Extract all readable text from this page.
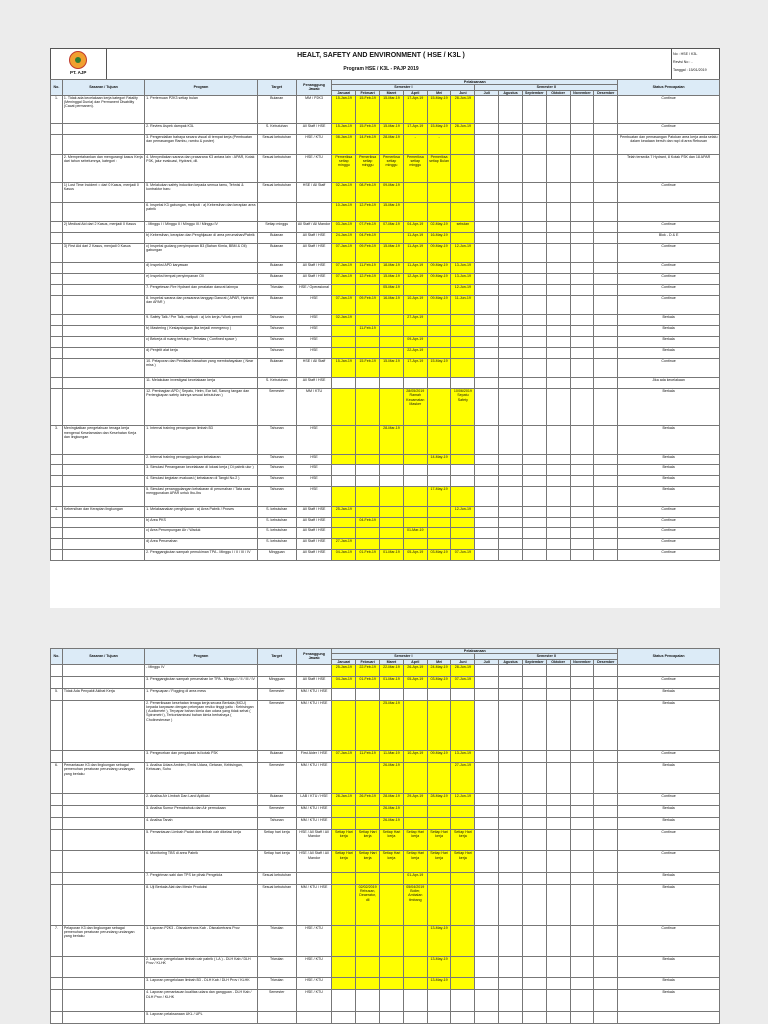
PT. AJP
HEALT, SAFETY AND ENVIRONMENT ( HSE / K3L )
Program HSE / K3L - PAJP 2019
No : HSE / K3L
Revisi No : -
Tanggal : 15/01/2019
No.	Sasaran / Tujuan	Program	Target	Penanggung Jawab	Pelaksanaan												Status Pencapaian
					Semester I						Semester II						
					Januari	Februari	Maret	April	Mei	Juni	Juli	Agustus	September	Oktober	November	Desember	
1.	1. Tidak ada kecelakaan kerja kategori Fatality (Meninggal Dunia) dan Permanent Disability (Cacat permanen).	1. Pertemuan P2K3 setiap bulan	Bulanan	MM / P2K3	15-Jan-19	15-Feb-19	15-Mar-19	17-Apr-19	15-May-19	28-Jun-19							Continue
		2. Review Aspek dampak K3L	S. Kebutuhan	All Staff / HSE	15-Jan-19	15-Feb-19	15-Mar-19	17-Apr-19	15-May-19	28-Jun-19							Continue
		3. Pengendalian bahaya secara visual di tempat kerja (Pembuatan dan pemasangan Rambu, rambu & poster)	Sesuai kebutuhan	HSE / KTU	08-Jan-19	14-Feb-19	28-Mar-19	-	-								Pembuatan dan pemasangan Patokan area kerja anda selalu dalam keadaan bersih dan rapi di area Rebusan
	2. Mempertahankan dan mengurangi kasus Kerja dari tahun sebelumnya, kategori :	4. Menyediakan sarana dan prasarana K3 antara lain : APAR, Kotak P3K, jalur evakuasi, Hydrant, dll.	Sesuai kebutuhan	HSE / KTU	Pemeriksa setiap minggu	Pemeriksa setiap minggu	Pemeriksa setiap minggu	Pemeriksa setiap minggu	Pemeriksa setiap Bulan								Telah tersedia 7 Hydrant, 8 Kotak P3K dan 18 APAR
	1) Lost Time Incident = dari 0 Kasus, menjadi 0 Kasus	5. Melakukan safety induction kepada semua tamu, Tehnisi & kontraktor baru	Sesuai kebutuhan	HSE / All Staff	02-Jan-19	08-Feb-19	09-Mar-19										Continue
		6. Inspeksi K3 gabungan, meliputi : a) Kebersihan dan kerapian area pabrik			10-Jan-19	12-Feb-19	15-Mar-19										
	2) Medical Aid dari 2 Kasus, menjadi 0 Kasus	- Minggu I / Minggu II / Minggu III / Minggu IV	Setiap minggu	All Staff / All Mandor	03-Jan-19	07-Feb-19	07-Mar-19	04-Apr-19	02-May-19	sebulan							Continue
		b) Kebersihan, kerapian dan Penghijauan di area perumahan/Pabrik	Bulanan	All Staff / HSE	24-Jan-19	04-Feb-19		11-Apr-19	16-May-19								Blok - D & E
	3) First Aid dari 2 Kasus, menjadi 0 Kasus	c) Inspeksi gudang penyimpanan B3 (Bahan Kimia, BBM & Oli) gabungan	Bulanan	All Staff / HSE	07-Jan-19	09-Feb-19	15-Mar-19	11-Apr-19	09-May-19	12-Jun-19							Continue
		d) Inspeksi APD karyawan	Bulanan	All Staff / HSE	07-Jan-19	11-Feb-19	18-Mar-19	11-Apr-19	09-May-19	13-Jun-19							Continue
		e) Inspeksi tempat penyimpanan Oli	Bulanan	All Staff / HSE	07-Jan-19	12-Feb-19	15-Mar-19	12-Apr-19	09-May-19	13-Jun-19							Continue
		7. Pengetesan Fire Hydrant dan peralatan darurat lainnya	Triwulan	HSE / Operasional			05-Mar-19			12-Jun-19							Continue
		8. Inspeksi sarana dan prasarana tanggap Darurat ( APAR, Hydrant dan APAR )	Bulanan	HSE	07-Jan-19	09-Feb-19	16-Mar-19	10-Apr-19	09-May-19	11-Jun-19							Continue
		9. Safety Talk / Pre Talk, meliputi : a) Izin kerja / Work permit	Tahunan	HSE	02-Jan-19			27-Apr-19									Berkala
		b) Mastering ( Kesiapsiagaan jika terjadi emergency )	Tahunan	HSE		11-Feb-19											Berkala
		c) Bekerja di ruang tertutup / Terbatas ( Confined space )	Tahunan	HSE				09-Apr-19									Berkala
		d) Penjelit alat kerja	Tahunan	HSE				22-Apr-19									Berkala
		10. Pelaporan dan Penilaian bawahan yang membahayakan ( Near miss )	Bulanan	HSE / All Staff	15-Jan-19	15-Feb-19	15-Mar-19	17-Apr-19	15-May-19								Continue
		11. Melakukan investigasi kecelakaan kerja	S. Kebutuhan	All Staff / HSE													Jika ada kecelakaan
		12. Pembagian APD ( Sepatu, Helm, Ear fall, Sarung tangan dan Perlengkapan safety lainnya sesuai kebutuhan )	Semester	MM / KTU				28/05/2019 Ramah Kecamatan Masker		10/06/2019 Sepatu Safety							Berkala
3.	Meningkatkan pengetahuan tenaga kerja mengenai Keselamatan dan Kesehatan Kerja dan lingkungan	1. Internal training penanganan limbah B3	Tahunan	HSE			28-Mar-19										Berkala
		2. Internal training penanggulangan kebakaran	Tahunan	HSE					14-May-19								Berkala
		3. Simulasi Penanganan kecelakaan di lokasi kerja ( Di pabrik ulur )	Tahunan	HSE													Berkala
		4. Simulasi kegiatan evakuasi ( kebakaran di Tangki No.2 )	Tahunan	HSE													Berkala
		5. Simulasi penanggulangan kebakaran di perumahan / Tata cara menggunakan APAR untuk Ibu-Ibu	Tahunan	HSE					17-May-19								Berkala
4.	Kebersihan dan Kerapian lingkungan	1. Melaksanakan penghijauan : a) Area Pabrik / Proses	S. kebutuhan	All Staff / HSE	25-Jan-19					12-Jun-19							Continue
		b) Area PKS	S. kebutuhan	All Staff / HSE		04-Feb-19											Continue
		c) Area Perumpungan Air / Waduk	S. kebutuhan	All Staff / HSE				01-Mar-19									Continue
		d) Area Perumahan	S. kebutuhan	All Staff / HSE	27-Jan-19												Continue
		2. Penggangkutan sampah pemukiman TPA - Minggu I / II / III / IV	Mingguan	All Staff / HSE	04-Jan-19	01-Feb-19	01-Mar-19	05-Apr-19	03-May-19	07-Jun-19							Continue
No.	Sasaran / Tujuan	Program	Target	Penanggung Jawab	Pelaksanaan												Status Pencapaian
					Semester I						Semester II						
					Januari	Februari	Maret	April	Mei	Juni	Juli	Agustus	September	Oktober	November	Desember	
		- Minggu IV			25-Jan-19	22-Feb-19	22-Mar-19	26-Apr-19	24-May-19	28-Jun-19							
		3. Penggangkutan sampah perumahan ke TPA - Minggu I / II / III / IV	Mingguan	All Staff / HSE	04-Jan-19	01-Feb-19	01-Mar-19	05-Apr-19	03-May-19	07-Jun-19							Continue
5.	Tidak Ada Penyakit Akibat Kerja	1. Penyuapan / Fogging di area mess	Semester	MM / KTU / HSE													Berkala
		2. Pemeriksaan kesehatan tenaga kerja secara Berkala (MCU) kepada karyawan dengan pekerjaan resiko tinggi yaitu : Kebisingan ( Audiometri ), Terpapar bahan kimia dan udara yang tidak sehat ( Spirometri ), Terkontaminasi bahan kimia berbahaya ( Cholinesterase )	Semester	MM / KTU / HSE			25-Mar-19										Berkala
		3. Pengecekan dan pengadaan isi kotak P3K	Bulanan	First Aider / HSE	07-Jan-19	11-Feb-19	11-Mar-19	10-Apr-19	09-May-19	13-Jun-19							Continue
6.	Pemantauan K3 dan lingkungan sebagai pemenuhan peraturan perundang undangan yang berlaku	1. Analisa Udara Ambien, Emisi Udara, Getaran, Kebisingan, Kebauan, Suhu	Semester	MM / KTU / HSE			26-Mar-19			27-Jun-19							Berkala
		2. Analisa Air Limbah Dan Land Aplikasi	Bulanan	LAB / KTU / HSE	28-Jan-19	26-Feb-19	28-Mar-19	29-Apr-19	28-May-19	12-Jun-19							Continue
		3. Analisa Sumur Pemabahulu dan Air permukaan	Semester	MM / KTU / HSE			26-Mar-19										Berkala
		4. Analisa Tanah	Tahunan	MM / KTU / HSE			26-Mar-19										Berkala
		5. Pemantauan Limbah Padat dan limbah cair dikelasi kerja	Setiap hari kerja	HSE / All Staff / All Mandor	Setiap Hari kerja	Setiap Hari kerja	Setiap Hari kerja	Setiap Hari kerja	Setiap Hari kerja	Setiap Hari kerja							Continue
		6. Monitoring TBS di area Pabrik	Setiap hari kerja	HSE / All Staff / All Mandor	Setiap Hari kerja	Setiap Hari kerja	Setiap Hari kerja	Setiap Hari kerja	Setiap Hari kerja	Setiap Hari kerja							Continue
		7. Pengiriman sabi dan TPS ke pihak Pengelola	Sesuai kebutuhan					01-Apr-19									Berkala
		8. Uji Berkala Alat dan Mesin Produksi	Sesuai kebutuhan	MM / KTU / HSE		02/02/2019 Rebusan, Deaerator, dll		05/04/2019 Boiler, Ambalan timbang									Berkala
7.	Pelaporan K3 dan lingkungan sebagai pemenuhan peraturan perundang undangan yang berlaku	1. Laporan P2K3 - Disnakertrans Kab - Disnakertrans Prov	Triwulan	HSE / KTU					13-May-19								Continue
		2. Laporan pengelolaan limbah cair pabrik ( LA ) - DLH Kab / DLH Prov / KLHK	Triwulan	HSE / KTU					13-May-19								Berkala
		3. Laporan pengelolaan limbah B3 - DLH Kab / DLH Prov / KLHK	Triwulan	HSE / KTU					13-May-19								Berkala
		4. Laporan pemantauan kualitas udara dan gangguan - DLH Kab / DLH Prov / KLHK	Semester	HSE / KTU													Berkala
		5. Laporan pelaksanaan UKL / UPL															
